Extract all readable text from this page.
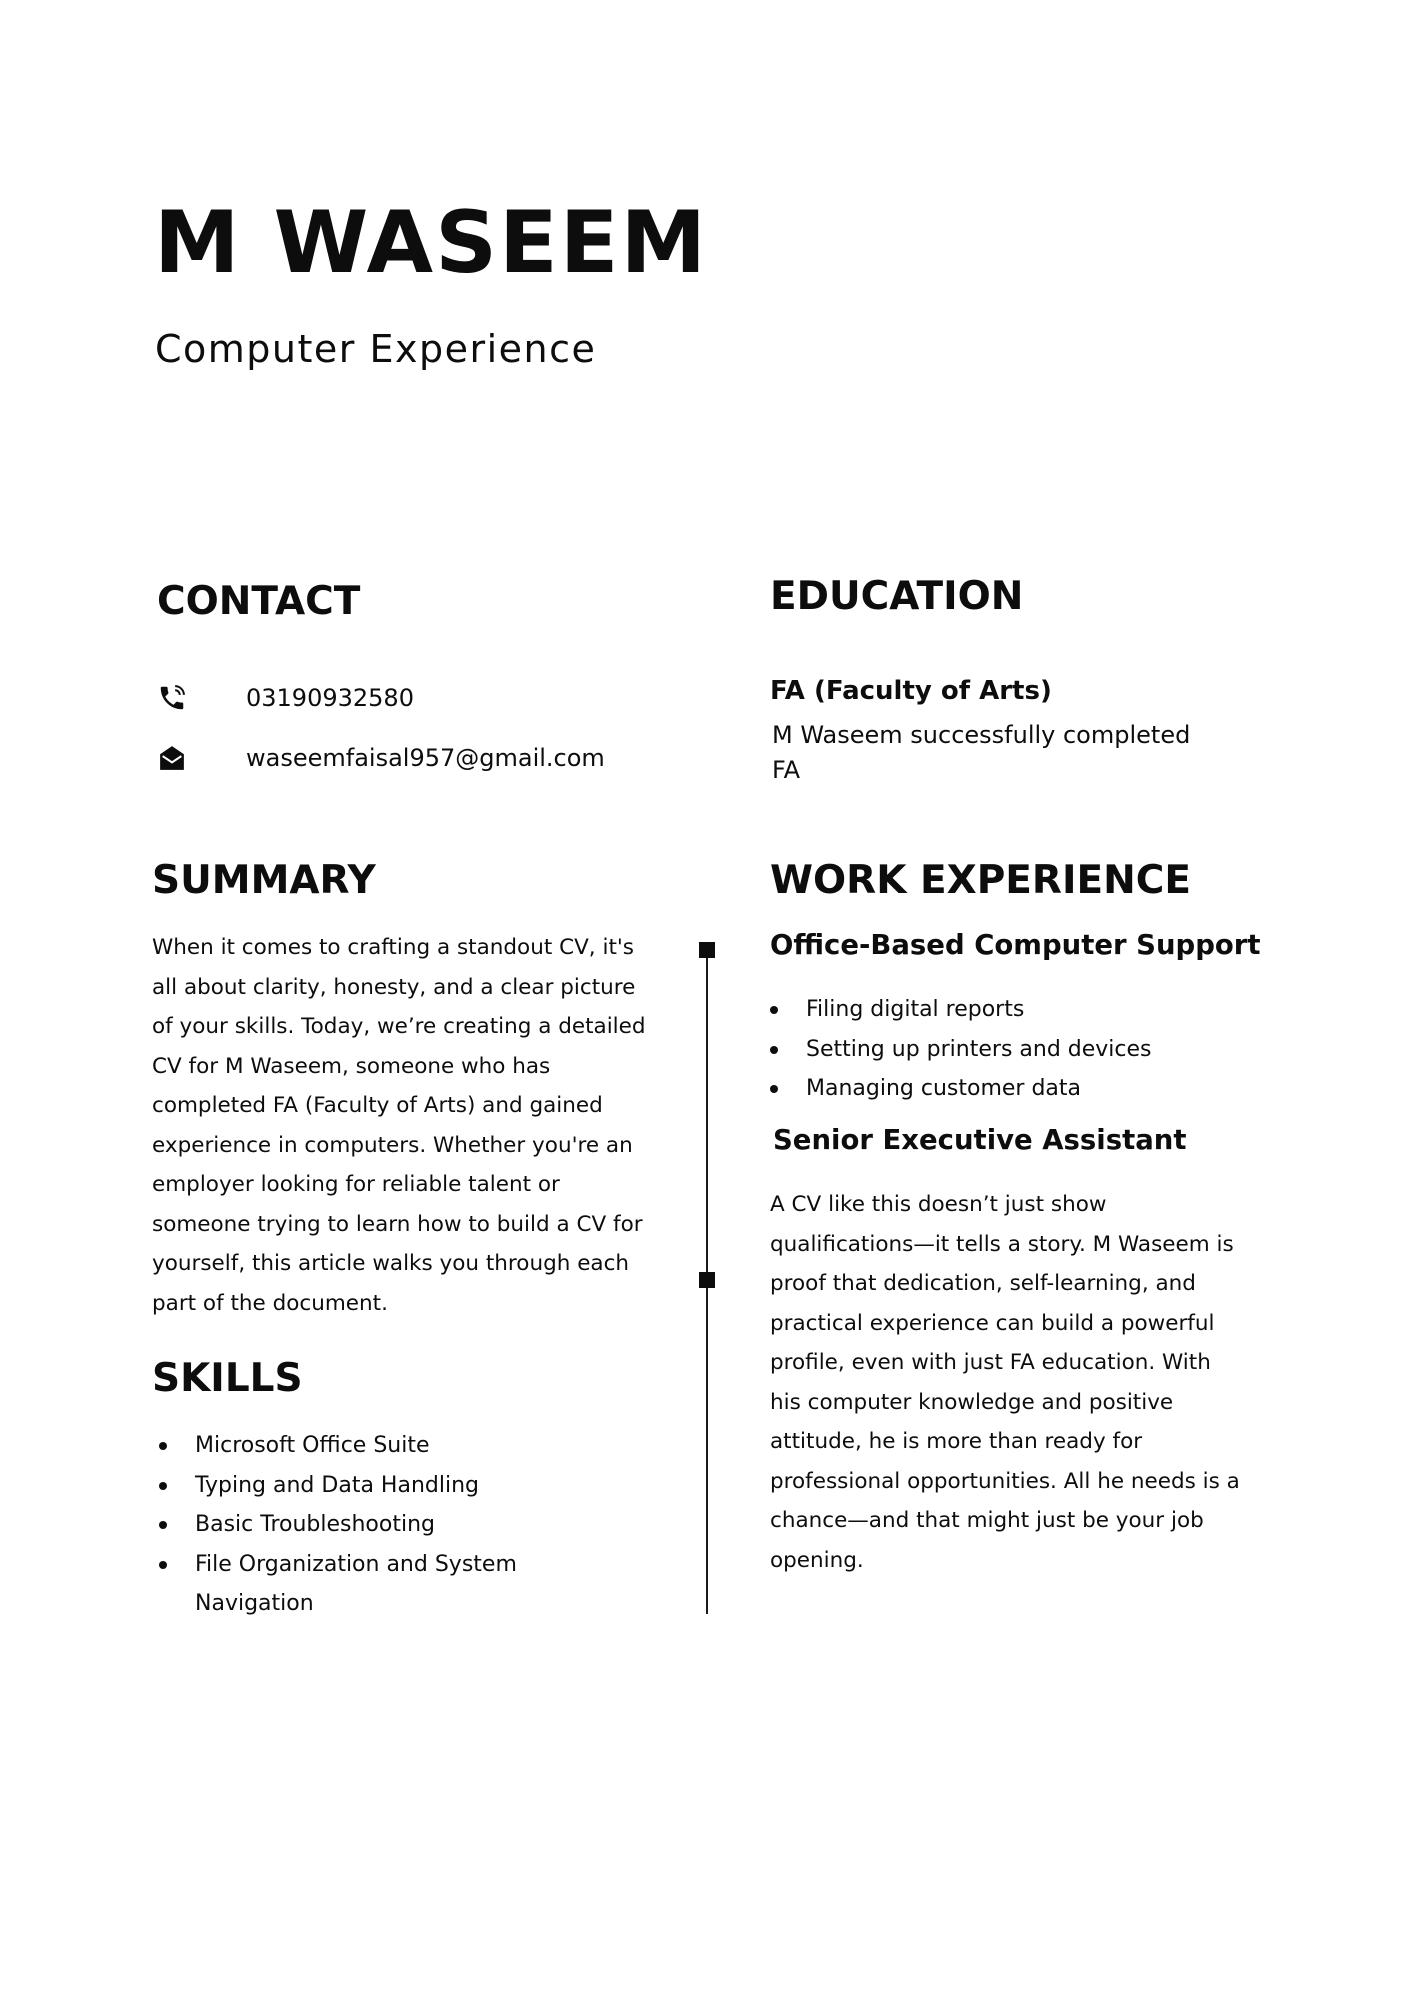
M WASEEM
Computer Experience
CONTACT
03190932580
waseemfaisal957@gmail.com
EDUCATION
FA (Faculty of Arts)
M Waseem successfully completed FA
SUMMARY
When it comes to crafting a standout CV, it's all about clarity, honesty, and a clear picture of your skills. Today, we’re creating a detailed CV for M Waseem, someone who has completed FA (Faculty of Arts) and gained experience in computers. Whether you're an employer looking for reliable talent or someone trying to learn how to build a CV for yourself, this article walks you through each part of the document.
SKILLS
Microsoft Office Suite
Typing and Data Handling
Basic Troubleshooting
File Organization and System Navigation
WORK EXPERIENCE
Office-Based Computer Support
Filing digital reports
Setting up printers and devices
Managing customer data
Senior Executive Assistant
A CV like this doesn’t just show qualifications—it tells a story. M Waseem is proof that dedication, self-learning, and practical experience can build a powerful profile, even with just FA education. With his computer knowledge and positive attitude, he is more than ready for professional opportunities. All he needs is a chance—and that might just be your job opening.
